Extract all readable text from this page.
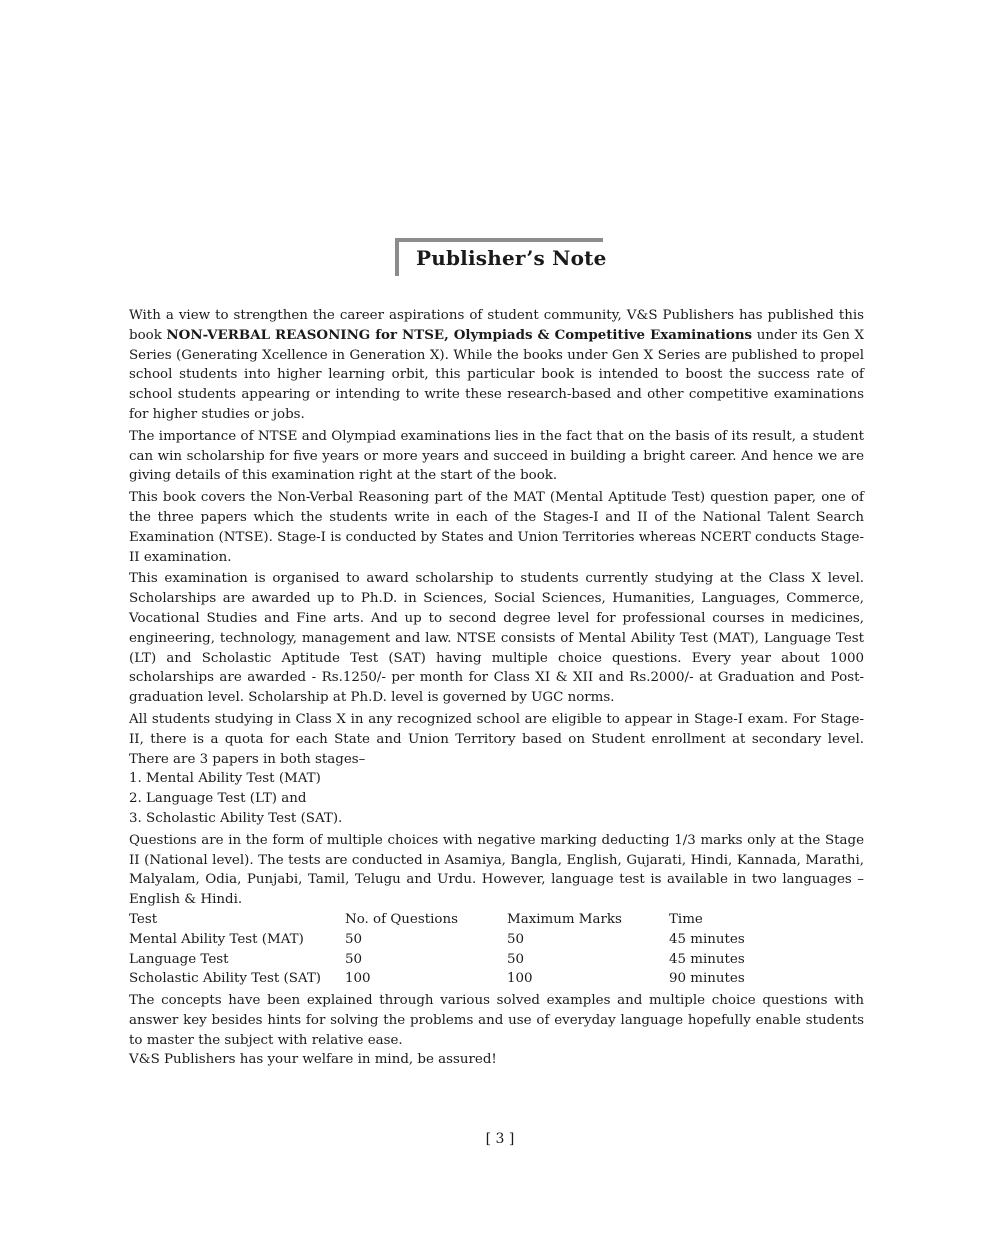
Publisher’s Note

With a view to strengthen the career aspirations of student community, V&S Publishers has published this book NON-VERBAL REASONING for NTSE, Olympiads & Competitive Examinations under its Gen X Series (Generating Xcellence in Generation X). While the books under Gen X Series are published to propel school students into higher learning orbit, this particular book is intended to boost the success rate of school students appearing or intending to write these research-based and other competitive examinations for higher studies or jobs.

The importance of NTSE and Olympiad examinations lies in the fact that on the basis of its result, a student can win scholarship for five years or more years and succeed in building a bright career. And hence we are giving details of this examination right at the start of the book.

This book covers the Non-Verbal Reasoning part of the MAT (Mental Aptitude Test) question paper, one of the three papers which the students write in each of the Stages-I and II of the National Talent Search Examination (NTSE). Stage-I is conducted by States and Union Territories whereas NCERT conducts Stage-II examination.

This examination is organised to award scholarship to students currently studying at the Class X level. Scholarships are awarded up to Ph.D. in Sciences, Social Sciences, Humanities, Languages, Commerce, Vocational Studies and Fine arts. And up to second degree level for professional courses in medicines, engineering, technology, management and law. NTSE consists of Mental Ability Test (MAT), Language Test (LT) and Scholastic Aptitude Test (SAT) having multiple choice questions. Every year about 1000 scholarships are awarded - Rs.1250/- per month for Class XI & XII and Rs.2000/- at Graduation and Post-graduation level. Scholarship at Ph.D. level is governed by UGC norms.

All students studying in Class X in any recognized school are eligible to appear in Stage-I exam. For Stage-II, there is a quota for each State and Union Territory based on Student enrollment at secondary level. There are 3 papers in both stages–

1. Mental Ability Test (MAT)
2. Language Test (LT) and

3. Scholastic Ability Test (SAT).

Questions are in the form of multiple choices with negative marking deducting 1/3 marks only at the Stage II (National level). The tests are conducted in Asamiya, Bangla, English, Gujarati, Hindi, Kannada, Marathi, Malyalam, Odia, Punjabi, Tamil, Telugu and Urdu. However, language test is available in two languages – English & Hindi.

Test	No. of Questions	Maximum Marks	Time
Mental Ability Test (MAT)	50	50	45 minutes
Language Test	50	50	45 minutes
Scholastic Ability Test (SAT)	100	100	90 minutes

The concepts have been explained through various solved examples and multiple choice questions with answer key besides hints for solving the problems and use of everyday language hopefully enable students to master the subject with relative ease.

V&S Publishers has your welfare in mind, be assured!

[ 3 ]
